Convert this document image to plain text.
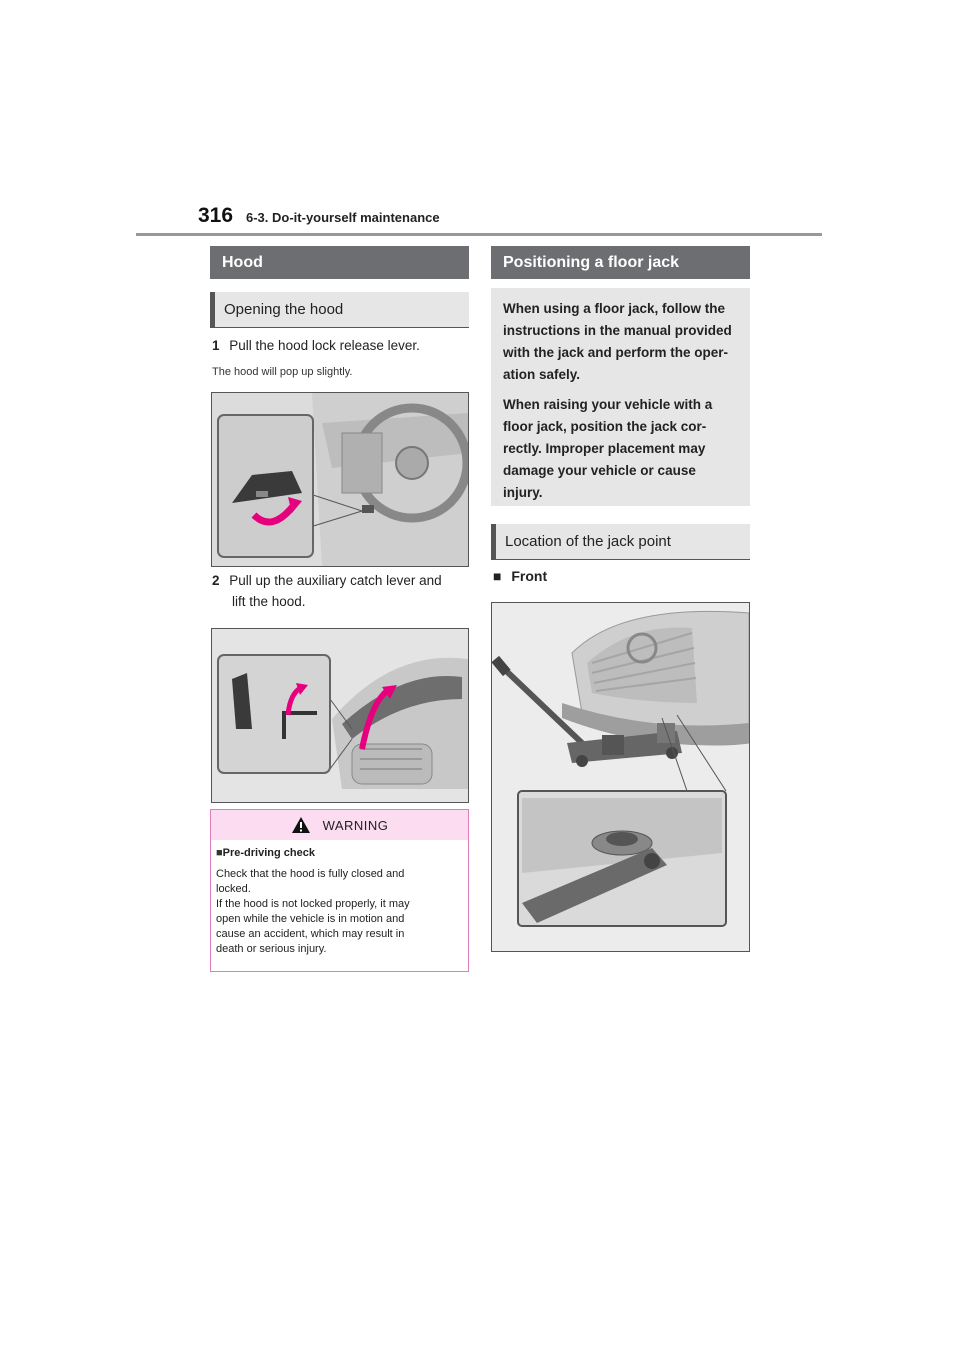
316 6-3. Do-it-yourself maintenance
Hood
Opening the hood
1 Pull the hood lock release lever.
The hood will pop up slightly.
2 Pull up the auxiliary catch lever and
lift the hood.
WARNING
■Pre-driving check
Check that the hood is fully closed and
locked.
If the hood is not locked properly, it may
open while the vehicle is in motion and
cause an accident, which may result in
death or serious injury.
Positioning a floor jack

When using a floor jack, follow the
instructions in the manual provided
with the jack and perform the oper-
ation safely.

When raising your vehicle with a
floor jack, position the jack cor-
rectly. Improper placement may
damage your vehicle or cause
injury.

Location of the jack point
■ Front
